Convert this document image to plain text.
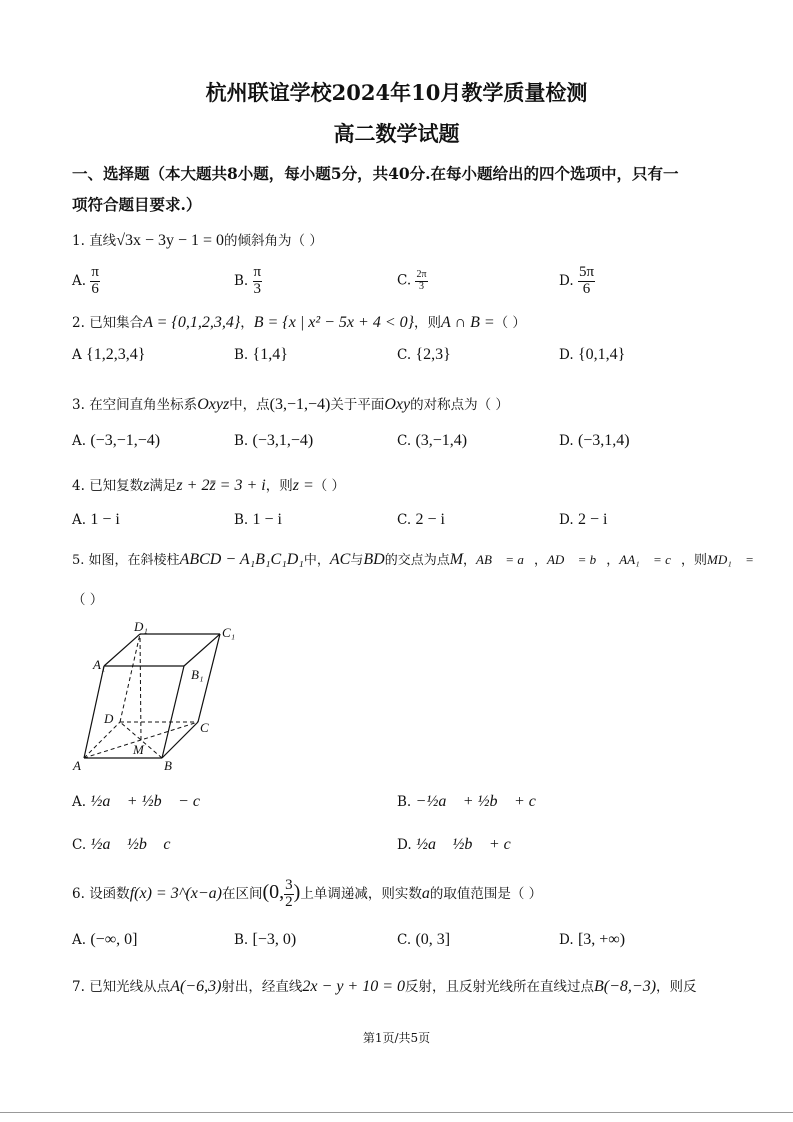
杭州联谊学校2024年10月教学质量检测
高二数学试题
一、选择题（本大题共8小题，每小题5分，共40分.在每小题给出的四个选项中，只有一
项符合题目要求.）
1. 直线√3x − 3y − 1 = 0的倾斜角为（ ）
A. $\frac{\pi}{6}$	B. $\frac{\pi}{3}$	C. $\frac{2\pi}{3}$	D. $\frac{5\pi}{6}$
2. 已知集合A = {0,1,2,3,4}，B = {x | x² − 5x + 4 < 0}，则A ∩ B =（ ）
A {1,2,3,4}	B. {1,4}	C. {2,3}	D. {0,1,4}
3. 在空间直角坐标系Oxyz中，点(3,−1,−4)关于平面Oxy的对称点为（ ）
A. (−3,−1,−4)	B. (−3,1,−4)	C. (3,−1,4)	D. (−3,1,4)
4. 已知复数z满足z + 2z̄ = 3 + i，则z =（ ）
A. 1 − i	B. 1 − i	C. 2 − i	D. 2 − i
5. 如图，在斜棱柱ABCD − A₁B₁C₁D₁中，AC与BD的交点为点M，AB⃗ = a⃗，AD⃗ = b⃗，AA₁⃗ = c⃗，则MD₁⃗ =
（ ）
D₁	C₁
A₁
B₁
D
C
M
A	B
A. ½a⃗ + ½b⃗ − c⃗	B. −½a⃗ + ½b⃗ + c⃗
C. ½a⃗ ½b⃗ c⃗	D. ½a⃗ ½b⃗ + c⃗
6. 设函数f(x) = 3^(x−a)在区间(0, $\frac{3}{2}$ )上单调递减，则实数a的取值范围是（ ）
A. (−∞, 0]	B. [−3, 0)	C. (0, 3]	D. [3, +∞)
7. 已知光线从点A(−6,3)射出，经直线2x − y + 10 = 0反射，且反射光线所在直线过点B(−8,−3)，则反
第1页/共5页
